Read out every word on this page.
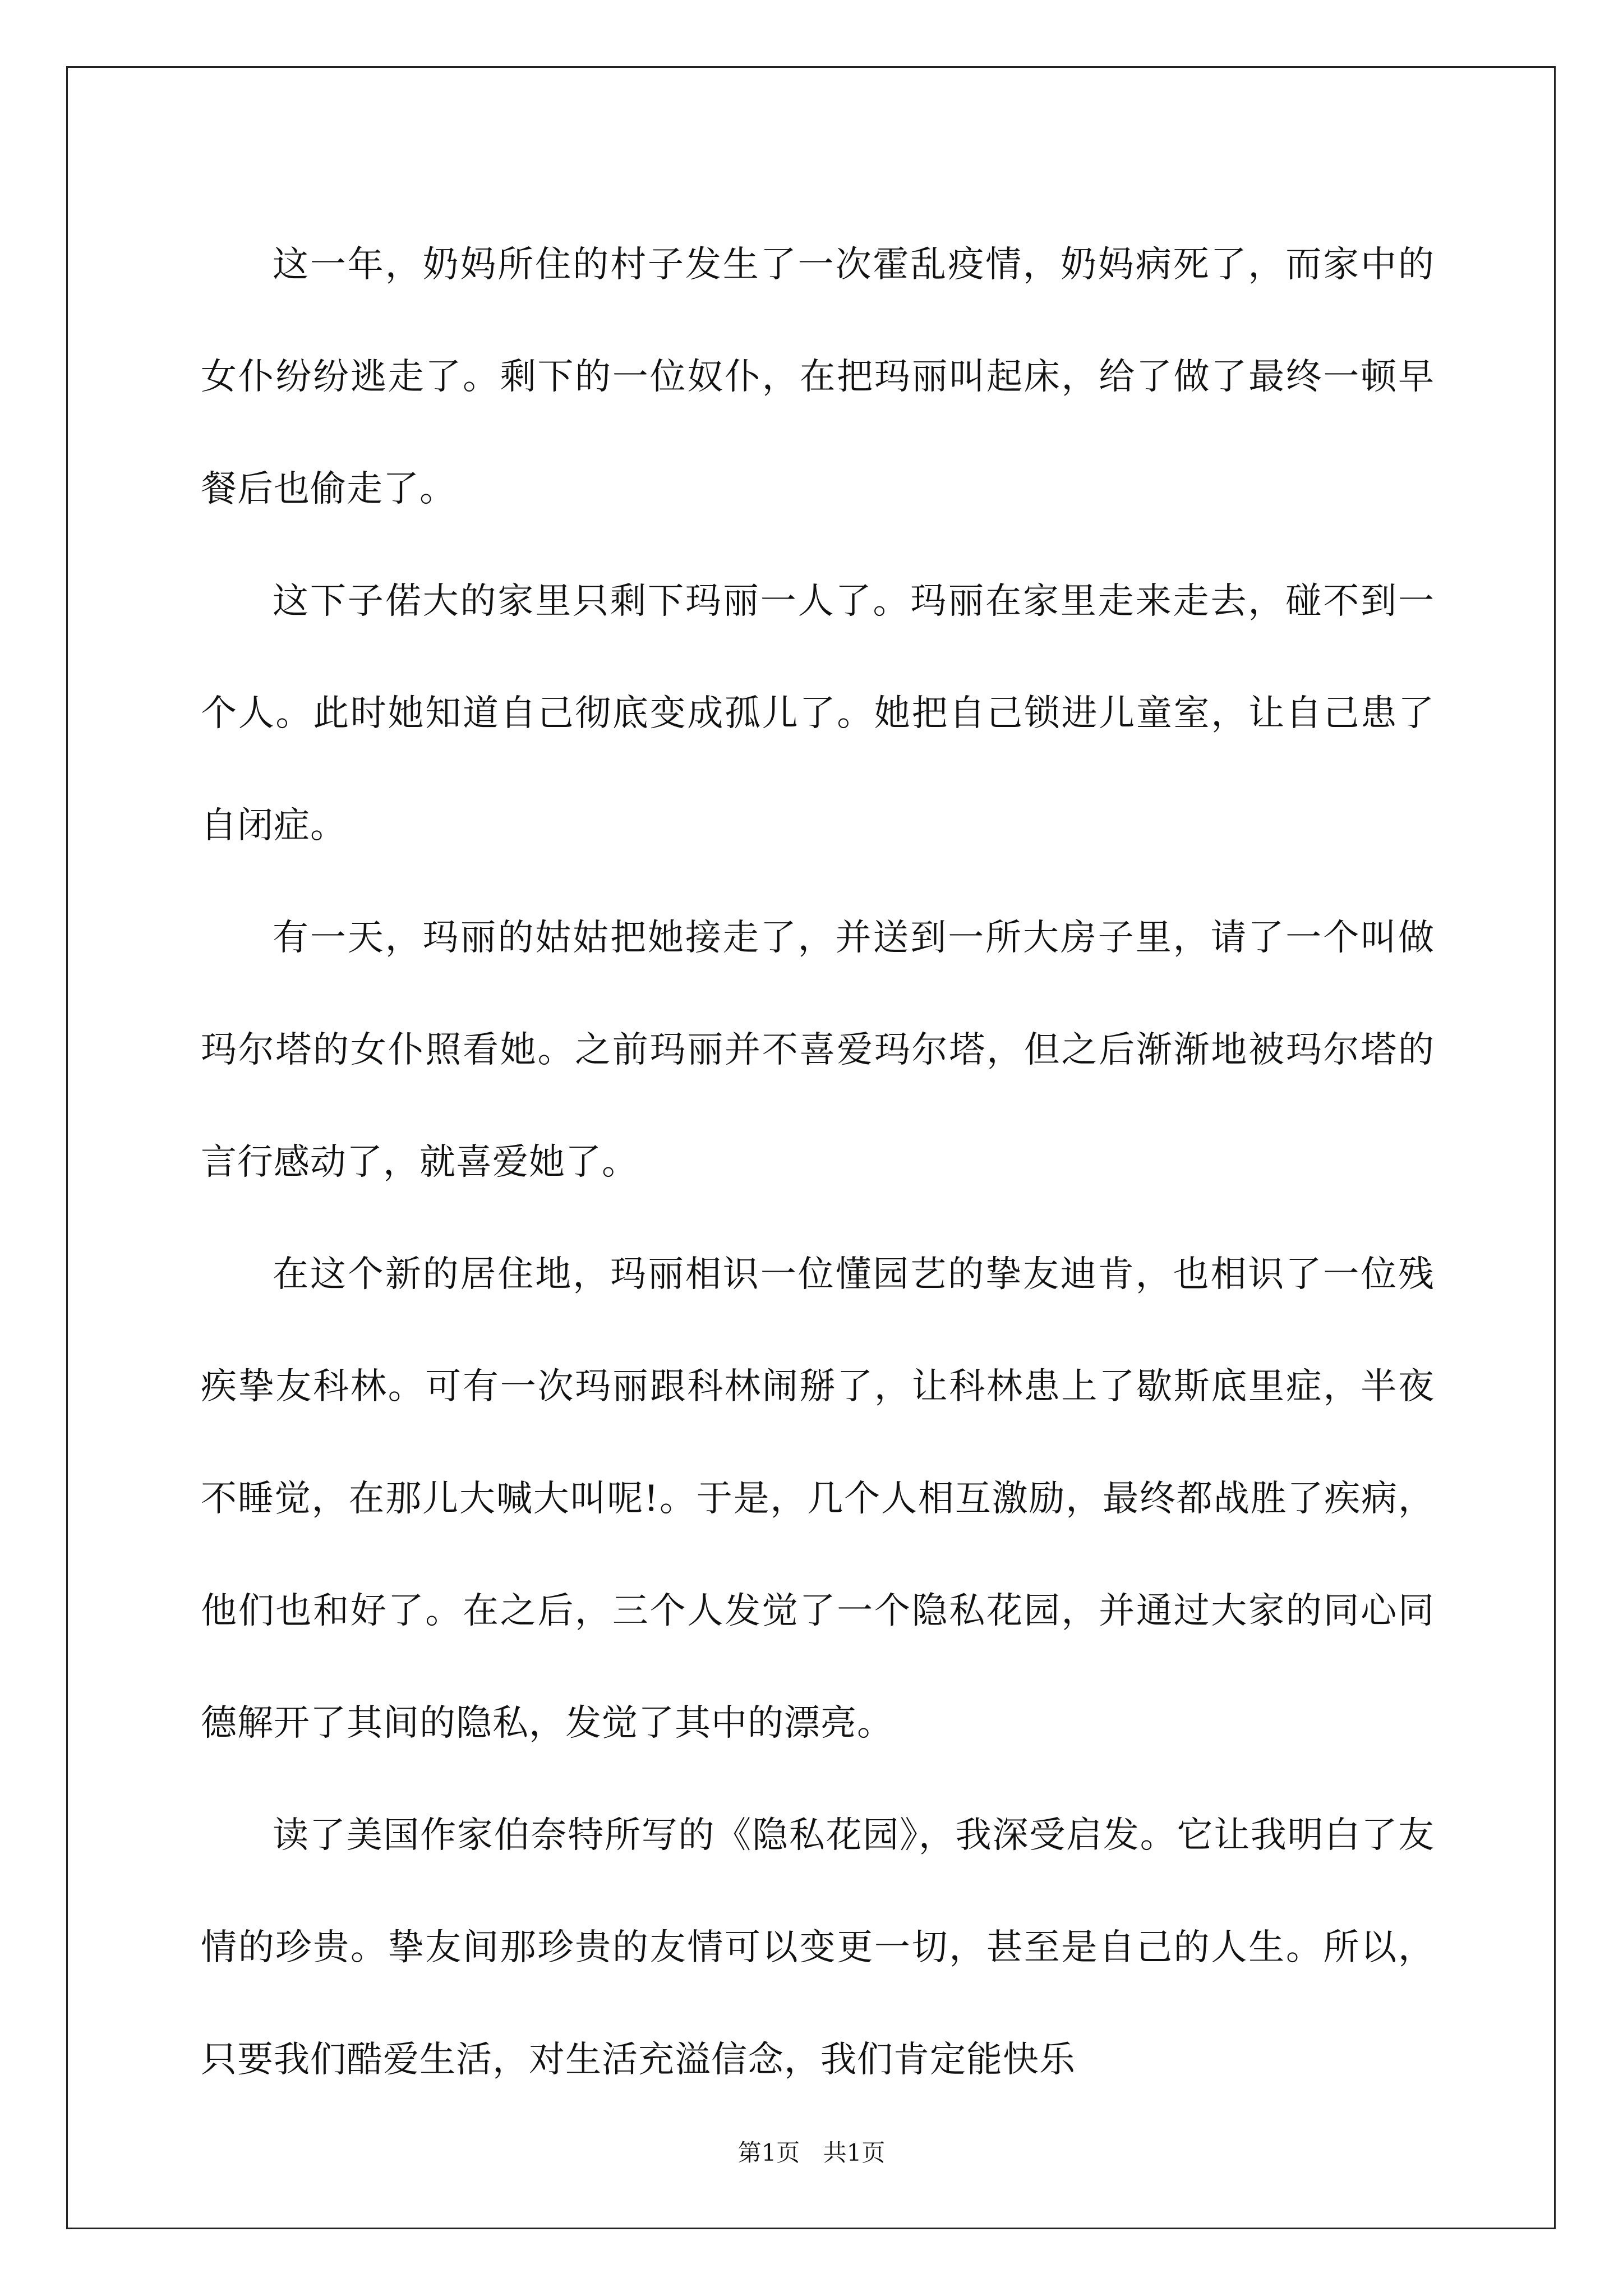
这一年，奶妈所住的村子发生了一次霍乱疫情，奶妈病死了，而家中的女仆纷纷逃走了。剩下的一位奴仆，在把玛丽叫起床，给了做了最终一顿早餐后也偷走了。

这下子偌大的家里只剩下玛丽一人了。玛丽在家里走来走去，碰不到一个人。此时她知道自己彻底变成孤儿了。她把自己锁进儿童室，让自己患了自闭症。

有一天，玛丽的姑姑把她接走了，并送到一所大房子里，请了一个叫做玛尔塔的女仆照看她。之前玛丽并不喜爱玛尔塔，但之后渐渐地被玛尔塔的言行感动了，就喜爱她了。

在这个新的居住地，玛丽相识一位懂园艺的挚友迪肯，也相识了一位残疾挚友科林。可有一次玛丽跟科林闹掰了，让科林患上了歇斯底里症，半夜不睡觉，在那儿大喊大叫呢!。于是，几个人相互激励，最终都战胜了疾病，他们也和好了。在之后，三个人发觉了一个隐私花园，并通过大家的同心同德解开了其间的隐私，发觉了其中的漂亮。

读了美国作家伯奈特所写的《隐私花园》，我深受启发。它让我明白了友情的珍贵。挚友间那珍贵的友情可以变更一切，甚至是自己的人生。所以，只要我们酷爱生活，对生活充溢信念，我们肯定能快乐

第1页 共1页
